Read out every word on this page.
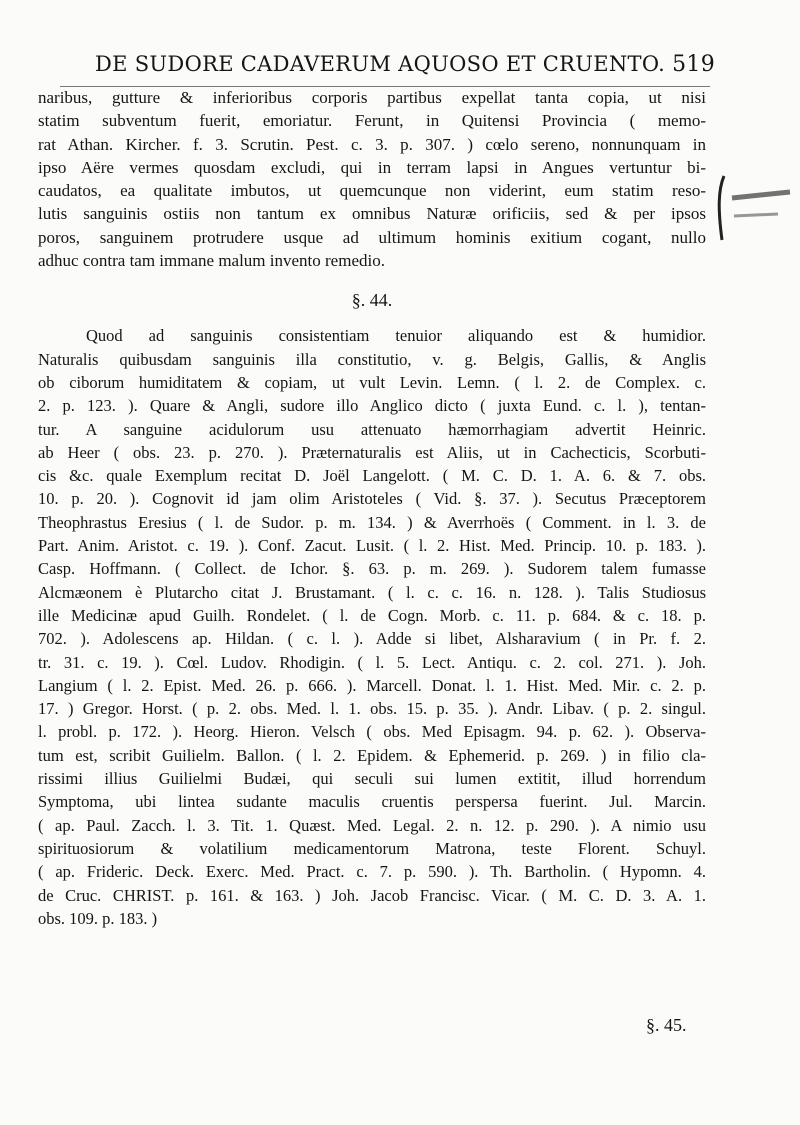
DE SUDORE CADAVERUM AQUOSO ET CRUENTO. 519
naribus, gutture & inferioribus corporis partibus expellat tanta copia, ut nisi
statim subventum fuerit, emoriatur. Ferunt, in Quitensi Provincia ( memo-
rat Athan. Kircher. f. 3. Scrutin. Pest. c. 3. p. 307. ) cœlo sereno, nonnunquam in
ipso Aëre vermes quosdam excludi, qui in terram lapsi in Angues vertuntur bi-
caudatos, ea qualitate imbutos, ut quemcunque non viderint, eum statim reso-
lutis sanguinis ostiis non tantum ex omnibus Naturæ orificiis, sed & per ipsos
poros, sanguinem protrudere usque ad ultimum hominis exitium cogant, nullo
adhuc contra tam immane malum invento remedio.
§. 44.
Quod ad sanguinis consistentiam tenuior aliquando est & humidior.
Naturalis quibusdam sanguinis illa constitutio, v. g. Belgis, Gallis, & Anglis
ob ciborum humiditatem & copiam, ut vult Levin. Lemn. ( l. 2. de Complex. c.
2. p. 123. ). Quare & Angli, sudore illo Anglico dicto ( juxta Eund. c. l. ), tentan-
tur. A sanguine acidulorum usu attenuato hæmorrhagiam advertit Heinric.
ab Heer ( obs. 23. p. 270. ). Præternaturalis est Aliis, ut in Cachecticis, Scorbuti-
cis &c. quale Exemplum recitat D. Joël Langelott. ( M. C. D. 1. A. 6. & 7. obs.
10. p. 20. ). Cognovit id jam olim Aristoteles ( Vid. §. 37. ). Secutus Præceptorem
Theophrastus Eresius ( l. de Sudor. p. m. 134. ) & Averrhoës ( Comment. in l. 3. de
Part. Anim. Aristot. c. 19. ). Conf. Zacut. Lusit. ( l. 2. Hist. Med. Princip. 10. p. 183. ).
Casp. Hoffmann. ( Collect. de Ichor. §. 63. p. m. 269. ). Sudorem talem fumasse
Alcmæonem è Plutarcho citat J. Brustamant. ( l. c. c. 16. n. 128. ). Talis Studiosus
ille Medicinæ apud Guilh. Rondelet. ( l. de Cogn. Morb. c. 11. p. 684. & c. 18. p.
702. ). Adolescens ap. Hildan. ( c. l. ). Adde si libet, Alsharavium ( in Pr. f. 2.
tr. 31. c. 19. ). Cœl. Ludov. Rhodigin. ( l. 5. Lect. Antiqu. c. 2. col. 271. ). Joh.
Langium ( l. 2. Epist. Med. 26. p. 666. ). Marcell. Donat. l. 1. Hist. Med. Mir. c. 2. p.
17. ) Gregor. Horst. ( p. 2. obs. Med. l. 1. obs. 15. p. 35. ). Andr. Libav. ( p. 2. singul.
l. probl. p. 172. ). Heorg. Hieron. Velsch ( obs. Med Episagm. 94. p. 62. ). Observa-
tum est, scribit Guilielm. Ballon. ( l. 2. Epidem. & Ephemerid. p. 269. ) in filio cla-
rissimi illius Guilielmi Budæi, qui seculi sui lumen extitit, illud horrendum
Symptoma, ubi lintea sudante maculis cruentis perspersa fuerint. Jul. Marcin.
( ap. Paul. Zacch. l. 3. Tit. 1. Quæst. Med. Legal. 2. n. 12. p. 290. ). A nimio usu
spirituosiorum & volatilium medicamentorum Matrona, teste Florent. Schuyl.
( ap. Frideric. Deck. Exerc. Med. Pract. c. 7. p. 590. ). Th. Bartholin. ( Hypomn. 4.
de Cruc. CHRIST. p. 161. & 163. ) Joh. Jacob Francisc. Vicar. ( M. C. D. 3. A. 1.
obs. 109. p. 183. )
§. 45.
